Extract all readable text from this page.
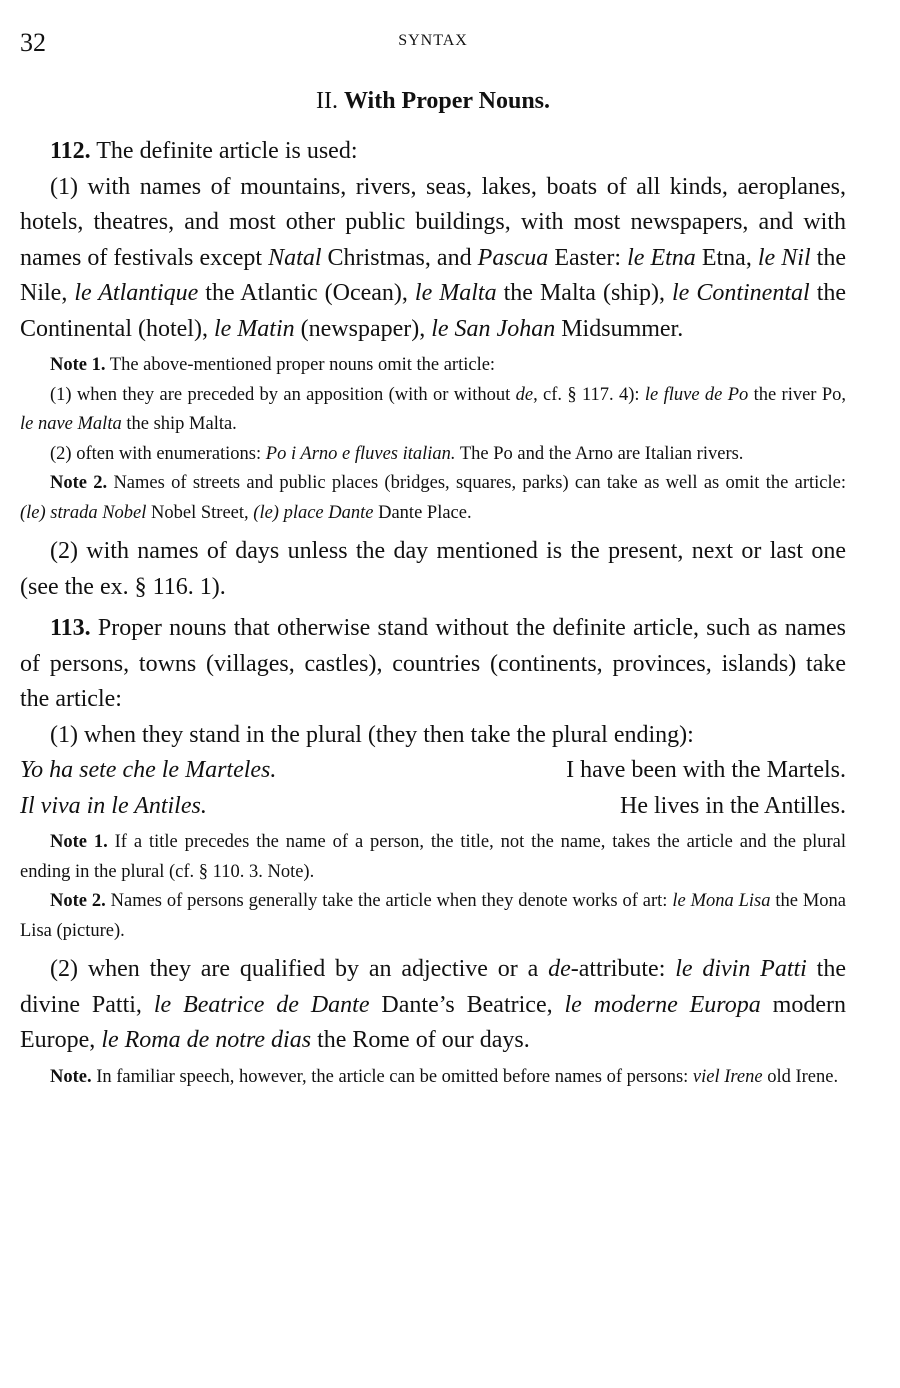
32	SYNTAX
II. With Proper Nouns.

112. The definite article is used:

(1) with names of mountains, rivers, seas, lakes, boats of all kinds, aeroplanes, hotels, theatres, and most other public buildings, with most newspapers, and with names of festivals except Natal Christmas, and Pascua Easter: le Etna Etna, le Nil the Nile, le Atlantique the Atlantic (Ocean), le Malta the Malta (ship), le Continental the Continental (hotel), le Matin (newspaper), le San Johan Midsummer.

Note 1. The above-mentioned proper nouns omit the article:

(1) when they are preceded by an apposition (with or without de, cf. § 117. 4): le fluve de Po the river Po, le nave Malta the ship Malta.

(2) often with enumerations: Po i Arno e fluves italian. The Po and the Arno are Italian rivers.

Note 2. Names of streets and public places (bridges, squares, parks) can take as well as omit the article: (le) strada Nobel Nobel Street, (le) place Dante Dante Place.

(2) with names of days unless the day mentioned is the present, next or last one (see the ex. § 116. 1).

113. Proper nouns that otherwise stand without the definite article, such as names of persons, towns (villages, castles), countries (continents, provinces, islands) take the article:

(1) when they stand in the plural (they then take the plural ending):

Yo ha sete che le Marteles.	I have been with the Martels.
Il viva in le Antiles.	He lives in the Antilles.

Note 1. If a title precedes the name of a person, the title, not the name, takes the article and the plural ending in the plural (cf. § 110. 3. Note).

Note 2. Names of persons generally take the article when they denote works of art: le Mona Lisa the Mona Lisa (picture).

(2) when they are qualified by an adjective or a de-attribute: le divin Patti the divine Patti, le Beatrice de Dante Dante’s Beatrice, le moderne Europa modern Europe, le Roma de notre dias the Rome of our days.

Note. In familiar speech, however, the article can be omitted before names of persons: viel Irene old Irene.
